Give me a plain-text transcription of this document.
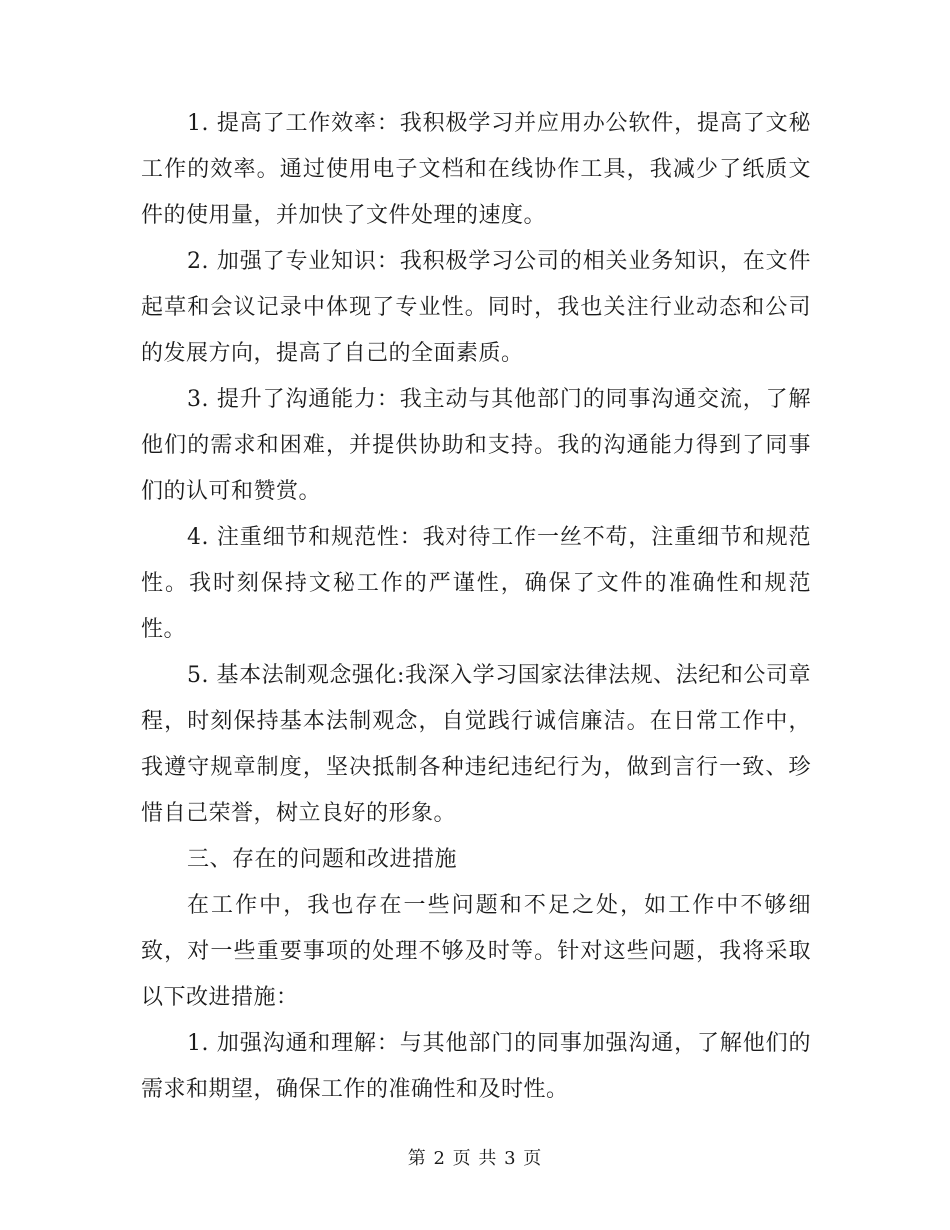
1. 提高了工作效率：我积极学习并应用办公软件，提高了文秘工作的效率。通过使用电子文档和在线协作工具，我减少了纸质文件的使用量，并加快了文件处理的速度。

2. 加强了专业知识：我积极学习公司的相关业务知识，在文件起草和会议记录中体现了专业性。同时，我也关注行业动态和公司的发展方向，提高了自己的全面素质。

3. 提升了沟通能力：我主动与其他部门的同事沟通交流，了解他们的需求和困难，并提供协助和支持。我的沟通能力得到了同事们的认可和赞赏。

4. 注重细节和规范性：我对待工作一丝不苟，注重细节和规范性。我时刻保持文秘工作的严谨性，确保了文件的准确性和规范性。

5. 基本法制观念强化:我深入学习国家法律法规、法纪和公司章程，时刻保持基本法制观念，自觉践行诚信廉洁。在日常工作中，我遵守规章制度，坚决抵制各种违纪违纪行为，做到言行一致、珍惜自己荣誉，树立良好的形象。

三、存在的问题和改进措施

在工作中，我也存在一些问题和不足之处，如工作中不够细致，对一些重要事项的处理不够及时等。针对这些问题，我将采取以下改进措施：

1. 加强沟通和理解：与其他部门的同事加强沟通，了解他们的需求和期望，确保工作的准确性和及时性。

第 2 页 共 3 页
